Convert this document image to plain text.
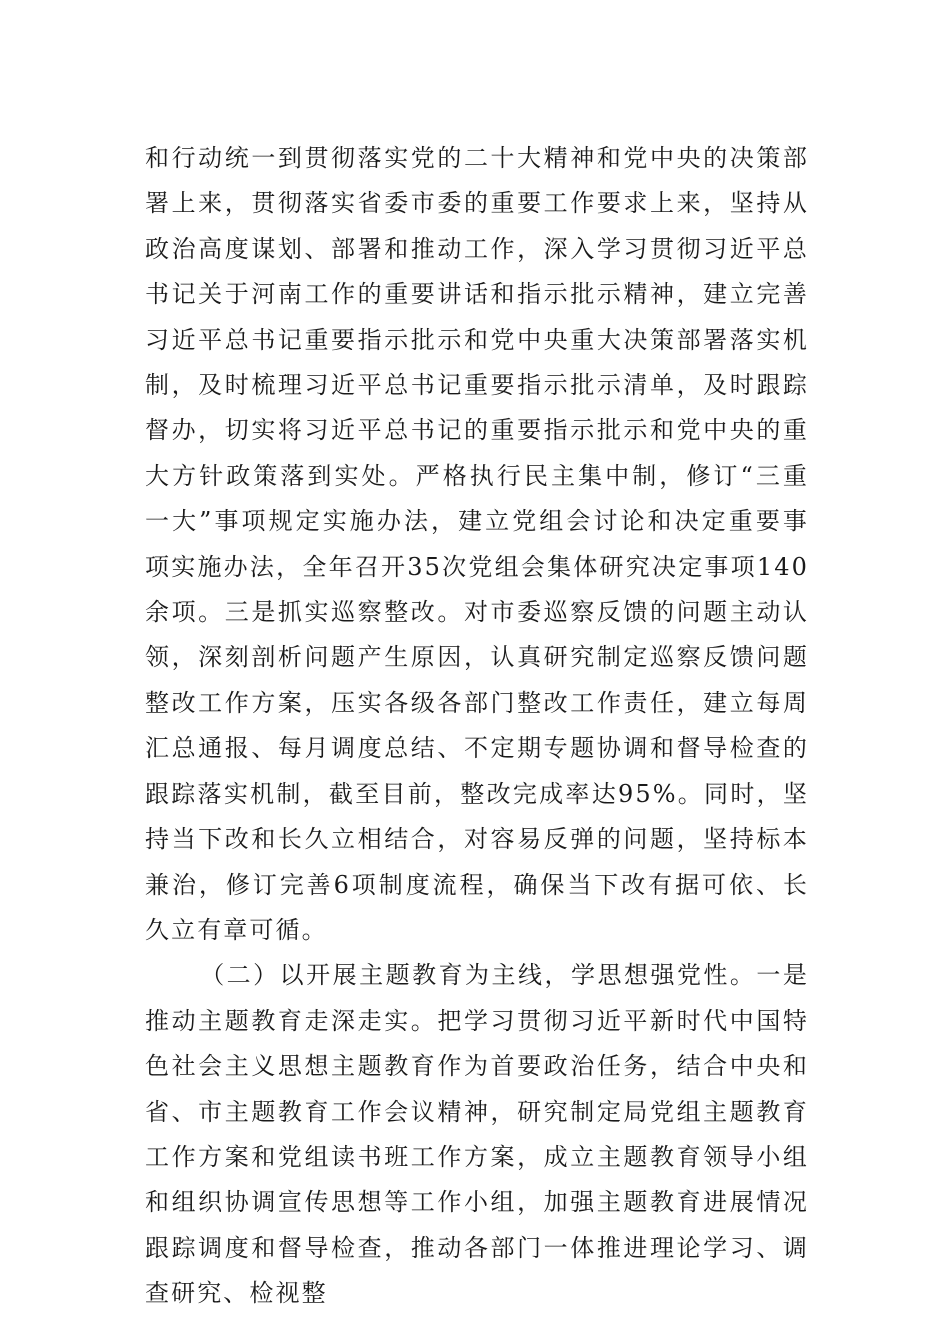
和行动统一到贯彻落实党的二十大精神和党中央的决策部署上来，贯彻落实省委市委的重要工作要求上来，坚持从政治高度谋划、部署和推动工作，深入学习贯彻习近平总书记关于河南工作的重要讲话和指示批示精神，建立完善习近平总书记重要指示批示和党中央重大决策部署落实机制，及时梳理习近平总书记重要指示批示清单，及时跟踪督办，切实将习近平总书记的重要指示批示和党中央的重大方针政策落到实处。严格执行民主集中制，修订“三重一大”事项规定实施办法，建立党组会讨论和决定重要事项实施办法，全年召开35次党组会集体研究决定事项140余项。三是抓实巡察整改。对市委巡察反馈的问题主动认领，深刻剖析问题产生原因，认真研究制定巡察反馈问题整改工作方案，压实各级各部门整改工作责任，建立每周汇总通报、每月调度总结、不定期专题协调和督导检查的跟踪落实机制，截至目前，整改完成率达95%。同时，坚持当下改和长久立相结合，对容易反弹的问题，坚持标本兼治，修订完善6项制度流程，确保当下改有据可依、长久立有章可循。

（二）以开展主题教育为主线，学思想强党性。一是推动主题教育走深走实。把学习贯彻习近平新时代中国特色社会主义思想主题教育作为首要政治任务，结合中央和省、市主题教育工作会议精神，研究制定局党组主题教育工作方案和党组读书班工作方案，成立主题教育领导小组和组织协调宣传思想等工作小组，加强主题教育进展情况跟踪调度和督导检查，推动各部门一体推进理论学习、调查研究、检视整
